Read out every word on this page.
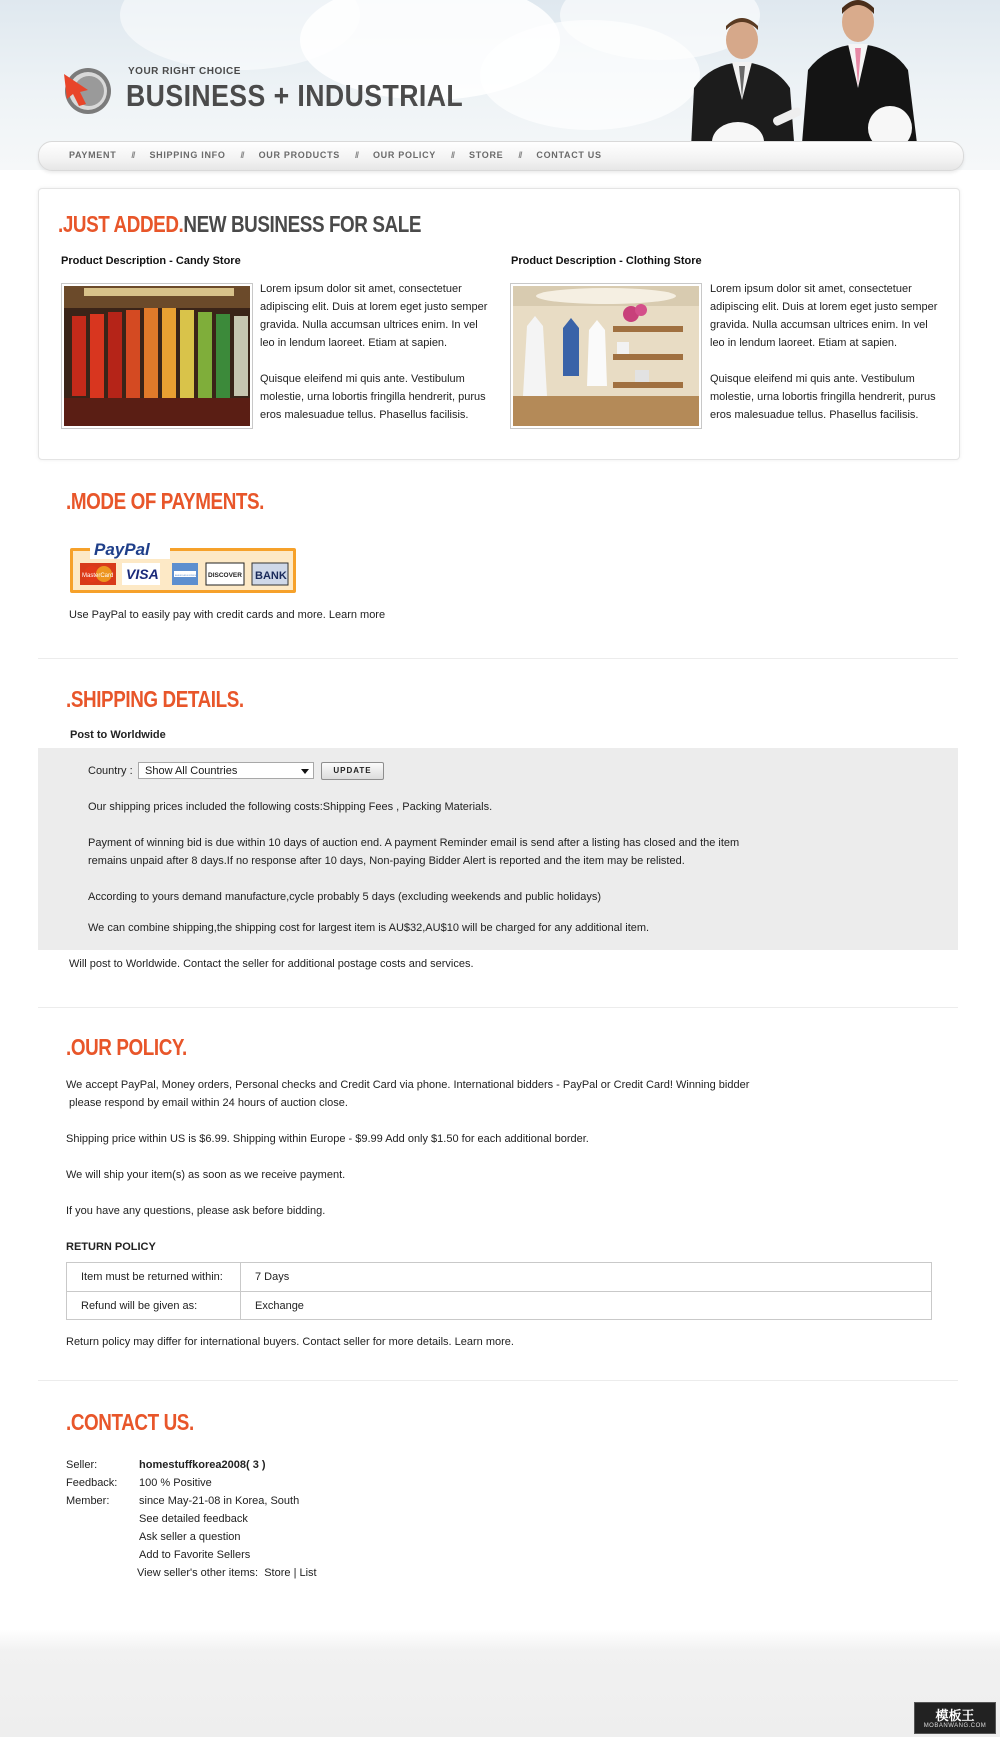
YOUR RIGHT CHOICE
BUSINESS + INDUSTRIAL
PAYMENT // SHIPPING INFO // OUR PRODUCTS // OUR POLICY // STORE // CONTACT US
.JUST ADDED.NEW BUSINESS FOR SALE
Product Description - Candy Store

Lorem ipsum dolor sit amet, consectetuer adipiscing elit. Duis at lorem eget justo semper gravida. Nulla accumsan ultrices enim. In vel leo in lendum laoreet. Etiam at sapien.

Quisque eleifend mi quis ante. Vestibulum molestie, urna lobortis fringilla hendrerit, purus eros malesuadue tellus. Phasellus facilisis.

Product Description - Clothing Store

Lorem ipsum dolor sit amet, consectetuer adipiscing elit. Duis at lorem eget justo semper gravida. Nulla accumsan ultrices enim. In vel leo in lendum laoreet. Etiam at sapien.

Quisque eleifend mi quis ante. Vestibulum molestie, urna lobortis fringilla hendrerit, purus eros malesuadue tellus. Phasellus facilisis.

.MODE OF PAYMENTS.
PayPal
MasterCard VISA	AMERICAN EXPRESS DISCOVER BANK
Use PayPal to easily pay with credit cards and more. Learn more
.SHIPPING DETAILS.
Post to Worldwide
Country :	Show All Countries	UPDATE
Our shipping prices included the following costs:Shipping Fees , Packing Materials.
Payment of winning bid is due within 10 days of auction end. A payment Reminder email is send after a listing has closed and the item
remains unpaid after 8 days.If no response after 10 days, Non-paying Bidder Alert is reported and the item may be relisted.
According to yours demand manufacture,cycle probably 5 days (excluding weekends and public holidays)
We can combine shipping,the shipping cost for largest item is AU$32,AU$10 will be charged for any additional item.
Will post to Worldwide. Contact the seller for additional postage costs and services.
.OUR POLICY.
We accept PayPal, Money orders, Personal checks and Credit Card via phone. International bidders - PayPal or Credit Card! Winning bidder
please respond by email within 24 hours of auction close.
Shipping price within US is $6.99. Shipping within Europe - $9.99 Add only $1.50 for each additional border.
We will ship your item(s) as soon as we receive payment.
If you have any questions, please ask before bidding.
RETURN POLICY
Item must be returned within:	7 Days
Refund will be given as:	Exchange
Return policy may differ for international buyers. Contact seller for more details. Learn more.
.CONTACT US.
Seller:	homestuffkorea2008( 3 )
Feedback: 100 % Positive
Member:	since May-21-08 in Korea, South
See detailed feedback
Ask seller a question
Add to Favorite Sellers
View seller's other items:  Store | List
模板王
MOBANWANG.COM
